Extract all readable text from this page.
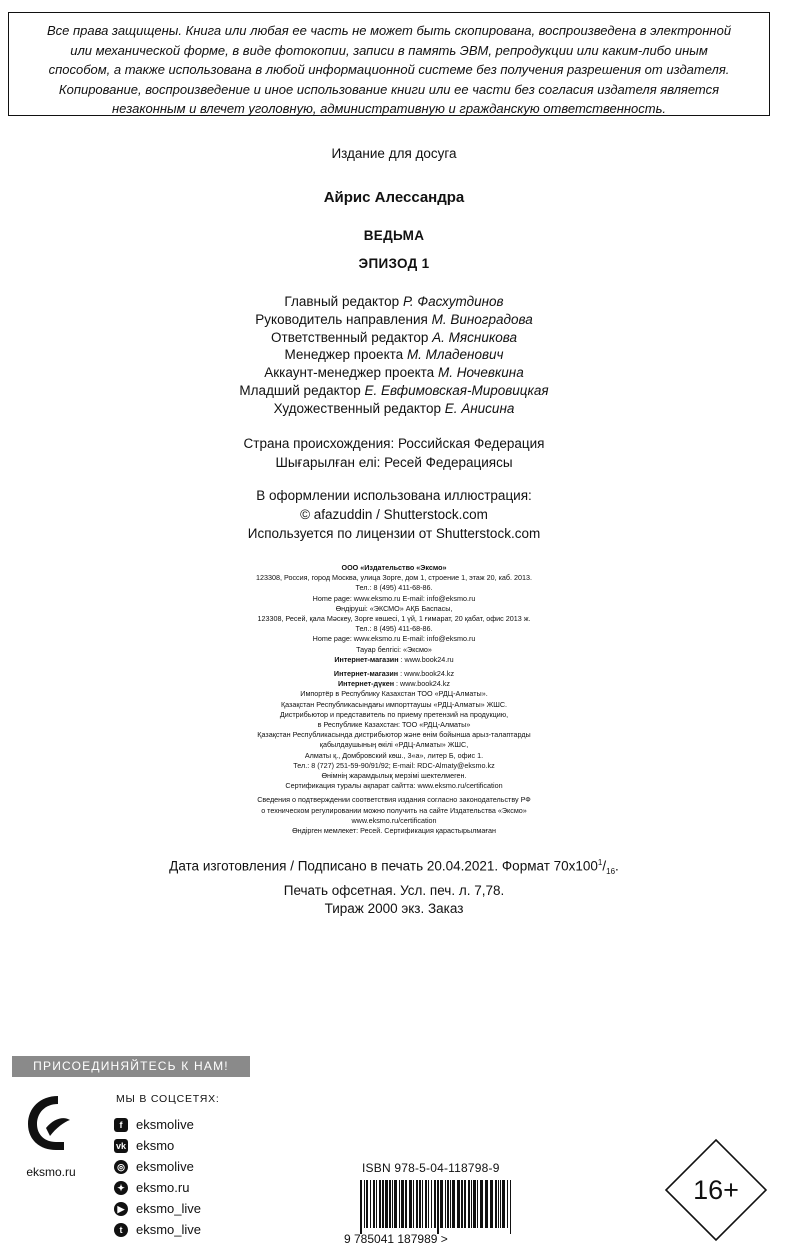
Все права защищены. Книга или любая ее часть не может быть скопирована, воспроизведена в электронной
или механической форме, в виде фотокопии, записи в память ЭВМ, репродукции или каким-либо иным
способом, а также использована в любой информационной системе без получения разрешения от издателя.
Копирование, воспроизведение и иное использование книги или ее части без согласия издателя является
незаконным и влечет уголовную, административную и гражданскую ответственность.
Издание для досуга
Айрис Алессандра
ВЕДЬМА
ЭПИЗОД 1
Главный редактор Р. Фасхутдинов
Руководитель направления М. Виноградова
Ответственный редактор А. Мясникова
Менеджер проекта М. Младенович
Аккаунт-менеджер проекта М. Ночевкина
Младший редактор Е. Евфимовская-Мировицкая
Художественный редактор Е. Анисина
Страна происхождения: Российская Федерация
Шығарылған елі: Ресей Федерациясы
В оформлении использована иллюстрация:
© afazuddin / Shutterstock.com
Используется по лицензии от Shutterstock.com
ООО «Издательство «Эксмо»
123308, Россия, город Москва, улица Зорге, дом 1, строение 1, этаж 20, каб. 2013.
Тел.: 8 (495) 411-68-86.
Home page: www.eksmo.ru E-mail: info@eksmo.ru
Өндіруші: «ЭКСМО» АҚБ Баспасы,
123308, Ресей, қала Мәскеу, Зорге көшесі, 1 үй, 1 ғимарат, 20 қабат, офис 2013 ж.
Тел.: 8 (495) 411-68-86.
Home page: www.eksmo.ru E-mail: info@eksmo.ru
Тауар белгісі: «Эксмо»
Интернет-магазин : www.book24.ru
Интернет-магазин : www.book24.kz
Интернет-дүкен : www.book24.kz
Импортёр в Республику Казахстан ТОО «РДЦ-Алматы».
Қазақстан Республикасындағы импорттаушы «РДЦ-Алматы» ЖШС.
Дистрибьютор и представитель по приему претензий на продукцию,
в Республике Казахстан: ТОО «РДЦ-Алматы»
Қазақстан Республикасында дистрибьютор және өнім бойынша арыз-талаптарды
қабылдаушының өкілі «РДЦ-Алматы» ЖШС,
Алматы қ., Домбровский көш., 3«а», литер Б, офис 1.
Тел.: 8 (727) 251-59-90/91/92; E-mail: RDC-Almaty@eksmo.kz
Өнімнің жарамдылық мерзімі шектелмеген.
Сертификация туралы ақпарат сайтта: www.eksmo.ru/certification
Сведения о подтверждении соответствия издания согласно законодательству РФ
о техническом регулировании можно получить на сайте Издательства «Эксмо»
www.eksmo.ru/certification
Өндірген мемлекет: Ресей. Сертификация қарастырылмаған
Дата изготовления / Подписано в печать 20.04.2021. Формат $70x100^1/_{16}$.
Печать офсетная. Усл. печ. л. 7,78.
Тираж 2000 экз. Заказ
ПРИСОЕДИНЯЙТЕСЬ К НАМ!
eksmo.ru
МЫ В СОЦСЕТЯХ:
f	eksmolive
vk eksmo
◎ eksmolive
✦ eksmo.ru
▶ eksmo_live
t	eksmo_live
ISBN 978-5-04-118798-9
9 785041 187989 >
16+
